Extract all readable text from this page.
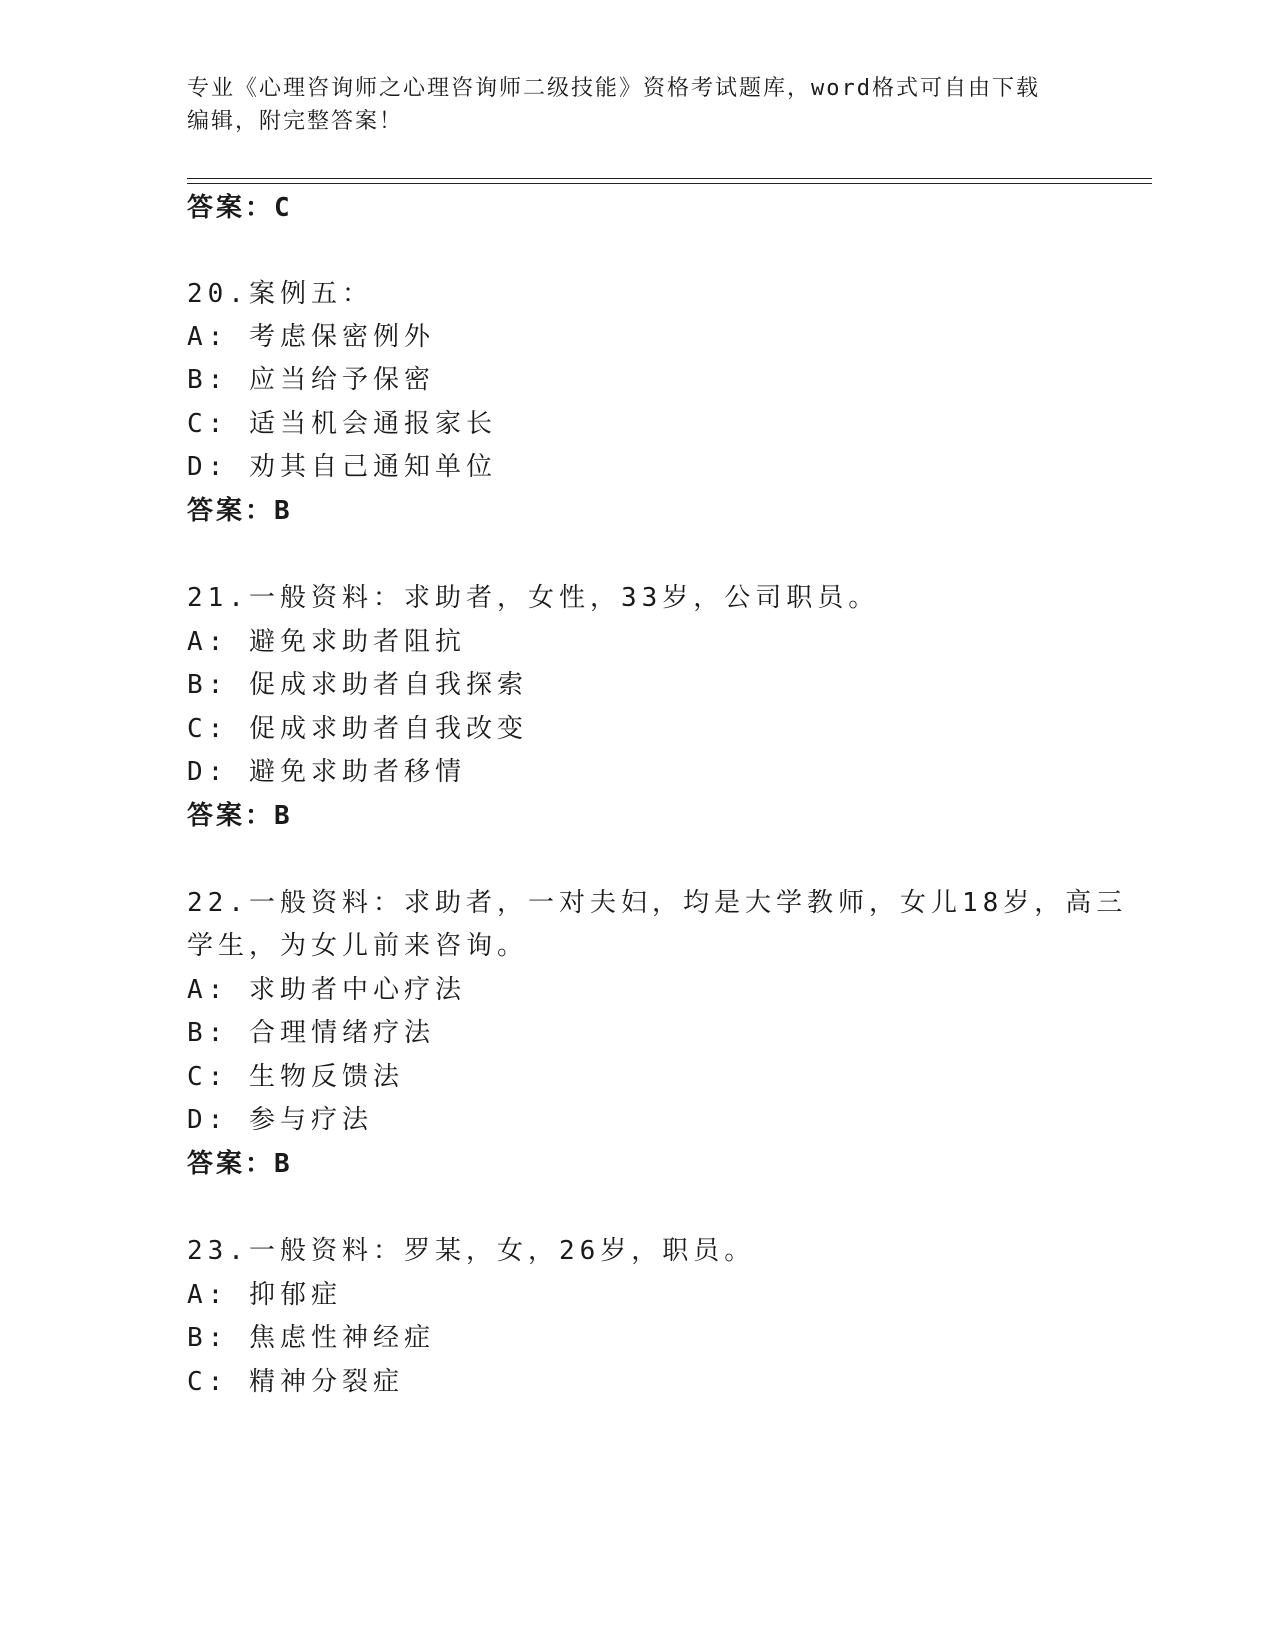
专业《心理咨询师之心理咨询师二级技能》资格考试题库，word格式可自由下载
编辑，附完整答案！
答案：C
20.案例五：
A: 考虑保密例外
B: 应当给予保密
C: 适当机会通报家长
D: 劝其自己通知单位
答案：B
21.一般资料：求助者，女性，33岁，公司职员。
A: 避免求助者阻抗
B: 促成求助者自我探索
C: 促成求助者自我改变
D: 避免求助者移情
答案：B
22.一般资料：求助者，一对夫妇，均是大学教师，女儿18岁，高三
学生，为女儿前来咨询。
A: 求助者中心疗法
B: 合理情绪疗法
C: 生物反馈法
D: 参与疗法
答案：B
23.一般资料：罗某，女，26岁，职员。
A: 抑郁症
B: 焦虑性神经症
C: 精神分裂症
